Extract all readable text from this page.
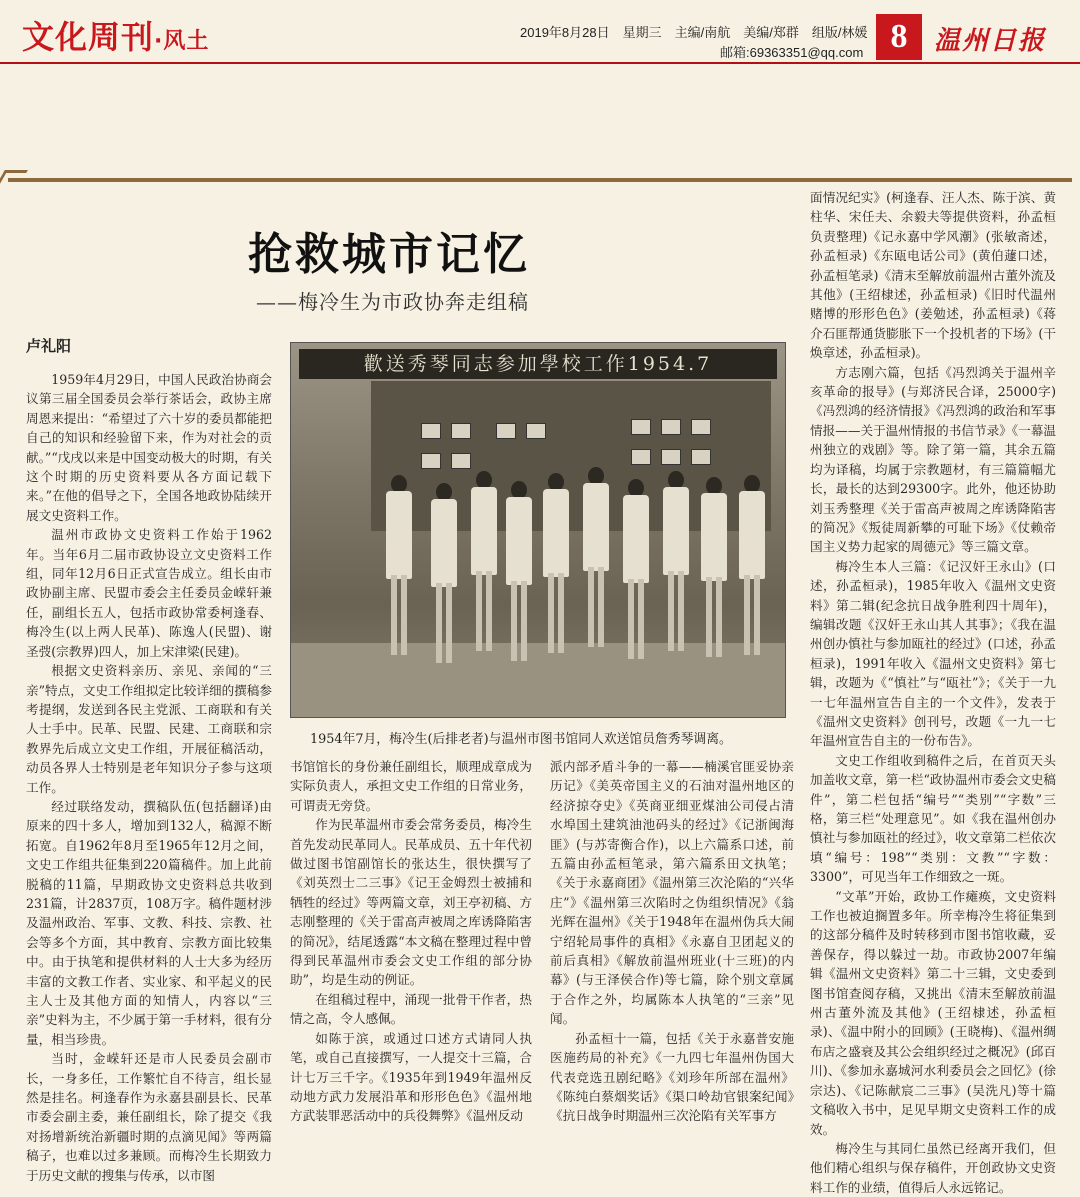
文化周刊·风土	2019年8月28日　星期三　主编/南航　美编/郑群　组版/林媛
邮箱:69363351@qq.com 8	温州日报
抢救城市记忆
——梅冷生为市政协奔走组稿
卢礼阳

1959年4月29日，中国人民政治协商会议第三届全国委员会举行茶话会，政协主席周恩来提出：“希望过了六十岁的委员都能把自己的知识和经验留下来，作为对社会的贡献。”“戊戌以来是中国变动极大的时期，有关这个时期的历史资料要从各方面记载下来。”在他的倡导之下，全国各地政协陆续开展文史资料工作。

温州市政协文史资料工作始于1962年。当年6月二届市政协设立文史资料工作组，同年12月6日正式宣告成立。组长由市政协副主席、民盟市委会主任委员金嵘轩兼任，副组长五人，包括市政协常委柯逢春、梅冷生(以上两人民革)、陈逸人(民盟)、谢圣弢(宗教界)四人，加上宋津梁(民建)。

根据文史资料亲历、亲见、亲闻的“三亲”特点，文史工作组拟定比较详细的撰稿参考提纲，发送到各民主党派、工商联和有关人士手中。民革、民盟、民建、工商联和宗教界先后成立文史工作组，开展征稿活动，动员各界人士特别是老年知识分子参与这项工作。

经过联络发动，撰稿队伍(包括翻译)由原来的四十多人，增加到132人，稿源不断拓宽。自1962年8月至1965年12月之间，文史工作组共征集到220篇稿件。加上此前脱稿的11篇，早期政协文史资料总共收到231篇，计2837页，108万字。稿件题材涉及温州政治、军事、文教、科技、宗教、社会等多个方面，其中教育、宗教方面比较集中。由于执笔和提供材料的人士大多为经历丰富的文教工作者、实业家、和平起义的民主人士及其他方面的知情人，内容以“三亲”史料为主，不少属于第一手材料，很有分量，相当珍贵。

当时，金嵘轩还是市人民委员会副市长，一身多任，工作繁忙自不待言，组长显然是挂名。柯逢春作为永嘉县副县长、民革市委会副主委，兼任副组长，除了提交《我对扬增新统治新疆时期的点滴见闻》等两篇稿子，也难以过多兼顾。而梅冷生长期致力于历史文献的搜集与传承，以市图

歡送秀琴同志参加學校工作1954.7
1954年7月，梅冷生(后排老者)与温州市图书馆同人欢送馆员詹秀琴调离。

书馆馆长的身份兼任副组长，顺理成章成为实际负责人，承担文史工作组的日常业务，可谓责无旁贷。

作为民革温州市委会常务委员，梅冷生首先发动民革同人。民革成员、五十年代初做过图书馆副馆长的张达生，很快撰写了《刘英烈士二三事》《记王金姆烈士被捕和牺牲的经过》等两篇文章，刘王亭初稿、方志刚整理的《关于雷高声被周之库诱降陷害的简况》，结尾透露“本文稿在整理过程中曾得到民革温州市委会文史工作组的部分协助”，均是生动的例证。

在组稿过程中，涌现一批骨干作者，热情之高，令人感佩。

如陈于滨，或通过口述方式请同人执笔，或自己直接撰写，一人提交十三篇，合计七万三千字。《1935年到1949年温州反动地方武力发展沿革和形形色色》《温州地方武装罪恶活动中的兵役舞弊》《温州反动

派内部矛盾斗争的一幕——楠溪官匪妥协亲历记》《美英帝国主义的石油对温州地区的经济掠夺史》《英商亚细亚煤油公司侵占清水埠国土建筑油池码头的经过》《记浙闽海匪》(与苏寄衡合作)，以上六篇系口述，前五篇由孙孟桓笔录，第六篇系田文执笔；《关于永嘉商团》《温州第三次沦陷的“兴华庄”》《温州第三次陷时之伪组织情况》《翁光辉在温州》《关于1948年在温州伪兵大闹宁绍轮局事件的真相》《永嘉自卫团起义的前后真相》《解放前温州班业(十三班)的内幕》(与王泽侯合作)等七篇，除个别文章属于合作之外，均属陈本人执笔的“三亲”见闻。

孙孟桓十一篇，包括《关于永嘉普安施医施药局的补充》《一九四七年温州伪国大代表竞选丑剧纪略》《刘珍年所部在温州》《陈纯白蔡烟奖话》《渠口岭劫官银案纪闻》《抗日战争时期温州三次沦陷有关军事方

面情况纪实》(柯逢春、汪人杰、陈于滨、黄柱华、宋任夫、余毅夫等提供资料，孙孟桓负责整理)《记永嘉中学风潮》(张敏斋述，孙孟桓录)《东瓯电话公司》(黄伯蘧口述，孙孟桓笔录)《清末至解放前温州古董外流及其他》(王绍棣述，孙孟桓录)《旧时代温州赌博的形形色色》(姜勉述，孙孟桓录)《蒋介石匪帮通货膨胀下一个投机者的下场》(干焕章述，孙孟桓录)。

方志刚六篇，包括《冯烈鸿关于温州辛亥革命的报导》(与郑济民合译，25000字)《冯烈鸿的经济情报》《冯烈鸿的政治和军事情报——关于温州情报的书信节录》《一幕温州独立的戏剧》等。除了第一篇，其余五篇均为译稿，均属于宗教题材，有三篇篇幅尤长，最长的达到29300字。此外，他还协助刘玉秀整理《关于雷高声被周之库诱降陷害的简况》《叛徒周新攀的可耻下场》《仗赖帝国主义势力起家的周德元》等三篇文章。

梅冷生本人三篇：《记汉奸王永山》(口述，孙孟桓录)，1985年收入《温州文史资料》第二辑(纪念抗日战争胜利四十周年)，编辑改题《汉奸王永山其人其事》；《我在温州创办慎社与参加瓯社的经过》(口述，孙孟桓录)，1991年收入《温州文史资料》第七辑，改题为《“慎社”与“瓯社”》；《关于一九一七年温州宣告自主的一个文件》，发表于《温州文史资料》创刊号，改题《一九一七年温州宣告自主的一份布告》。

文史工作组收到稿件之后，在首页天头加盖收文章，第一栏“政协温州市委会文史稿件”，第二栏包括“编号”“类别”“字数”三格，第三栏“处理意见”。如《我在温州创办慎社与参加瓯社的经过》，收文章第二栏依次填“编号：198”“类别：文教”“字数：3300”，可见当年工作细致之一斑。

“文革”开始，政协工作瘫痪，文史资料工作也被迫搁置多年。所幸梅冷生将征集到的这部分稿件及时转移到市图书馆收藏，妥善保存，得以躲过一劫。市政协2007年编辑《温州文史资料》第二十三辑，文史委到图书馆查阅存稿，又挑出《清末至解放前温州古董外流及其他》(王绍棣述，孙孟桓录)、《温中附小的回顾》(王晓梅)、《温州绸布店之盛衰及其公会组织经过之概况》(邱百川)、《参加永嘉城河水利委员会之回忆》(徐宗达)、《记陈献宸二三事》(吴洗凡)等十篇文稿收入书中，足见早期文史资料工作的成效。

梅冷生与其同仁虽然已经离开我们，但他们精心组织与保存稿件，开创政协文史资料工作的业绩，值得后人永远铭记。
